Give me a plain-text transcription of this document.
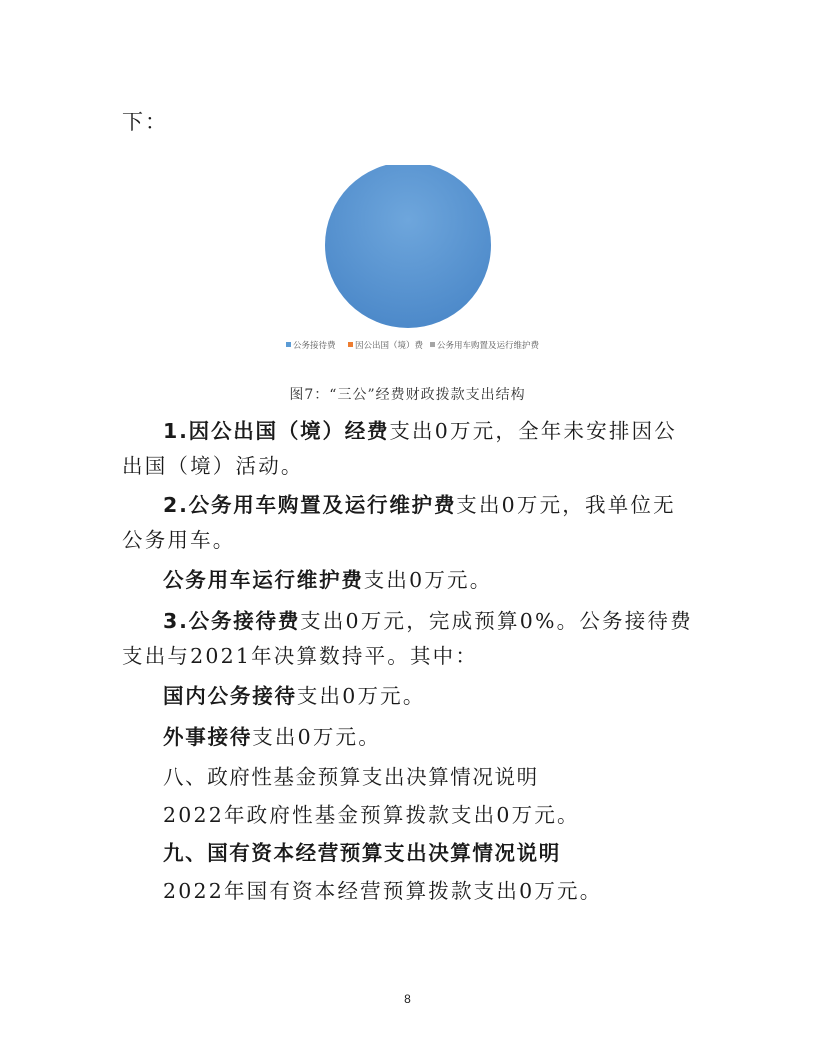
下：
公务接待费 因公出国（境）费 公务用车购置及运行维护费
图7：“三公”经费财政拨款支出结构
1.因公出国（境）经费支出0万元，全年未安排因公出国（境）活动。
2.公务用车购置及运行维护费支出0万元，我单位无公务用车。
公务用车运行维护费支出0万元。
3.公务接待费支出0万元，完成预算0%。公务接待费支出与2021年决算数持平。其中：
国内公务接待支出0万元。
外事接待支出0万元。
八、政府性基金预算支出决算情况说明
2022年政府性基金预算拨款支出0万元。
九、国有资本经营预算支出决算情况说明
2022年国有资本经营预算拨款支出0万元。
8
